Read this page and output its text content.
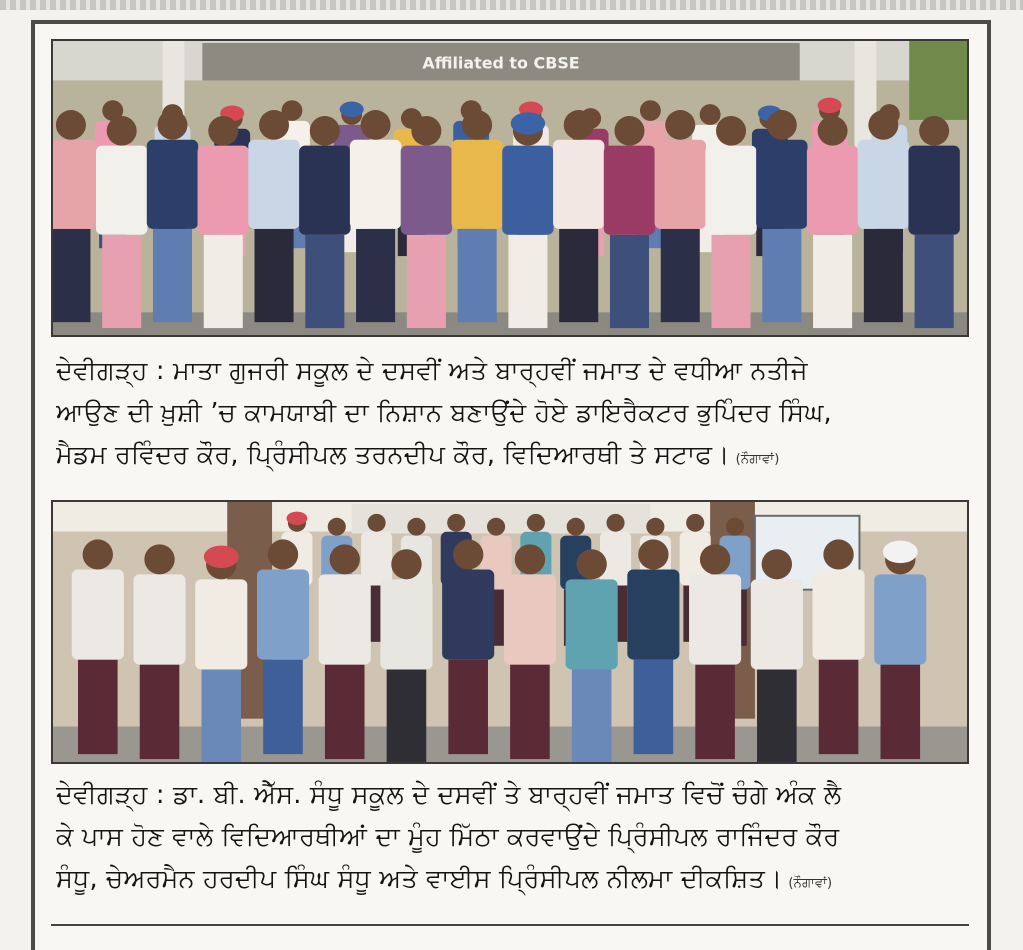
Affiliated to CBSE
ਦੇਵੀਗੜ੍ਹ : ਮਾਤਾ ਗੁਜਰੀ ਸਕੂਲ ਦੇ ਦਸਵੀਂ ਅਤੇ ਬਾਰ੍ਹਵੀਂ ਜਮਾਤ ਦੇ ਵਧੀਆ ਨਤੀਜੇ
ਆਉਣ ਦੀ ਖ਼ੁਸ਼ੀ ’ਚ ਕਾਮਯਾਬੀ ਦਾ ਨਿਸ਼ਾਨ ਬਣਾਉਂਦੇ ਹੋਏ ਡਾਇਰੈਕਟਰ ਭੁਪਿੰਦਰ ਸਿੰਘ,
ਮੈਡਮ ਰਵਿੰਦਰ ਕੌਰ, ਪ੍ਰਿੰਸੀਪਲ ਤਰਨਦੀਪ ਕੌਰ, ਵਿਦਿਆਰਥੀ ਤੇ ਸਟਾਫ। (ਨੌਗਾਵਾਂ)
ਦੇਵੀਗੜ੍ਹ : ਡਾ. ਬੀ. ਐੱਸ. ਸੰਧੂ ਸਕੂਲ ਦੇ ਦਸਵੀਂ ਤੇ ਬਾਰ੍ਹਵੀਂ ਜਮਾਤ ਵਿਚੋਂ ਚੰਗੇ ਅੰਕ ਲੈ
ਕੇ ਪਾਸ ਹੋਣ ਵਾਲੇ ਵਿਦਿਆਰਥੀਆਂ ਦਾ ਮੂੰਹ ਮਿੱਠਾ ਕਰਵਾਉਂਦੇ ਪ੍ਰਿੰਸੀਪਲ ਰਾਜਿੰਦਰ ਕੌਰ
ਸੰਧੂ, ਚੇਅਰਮੈਨ ਹਰਦੀਪ ਸਿੰਘ ਸੰਧੂ ਅਤੇ ਵਾਈਸ ਪ੍ਰਿੰਸੀਪਲ ਨੀਲਮਾ ਦੀਕਸ਼ਿਤ। (ਨੌਗਾਵਾਂ)
